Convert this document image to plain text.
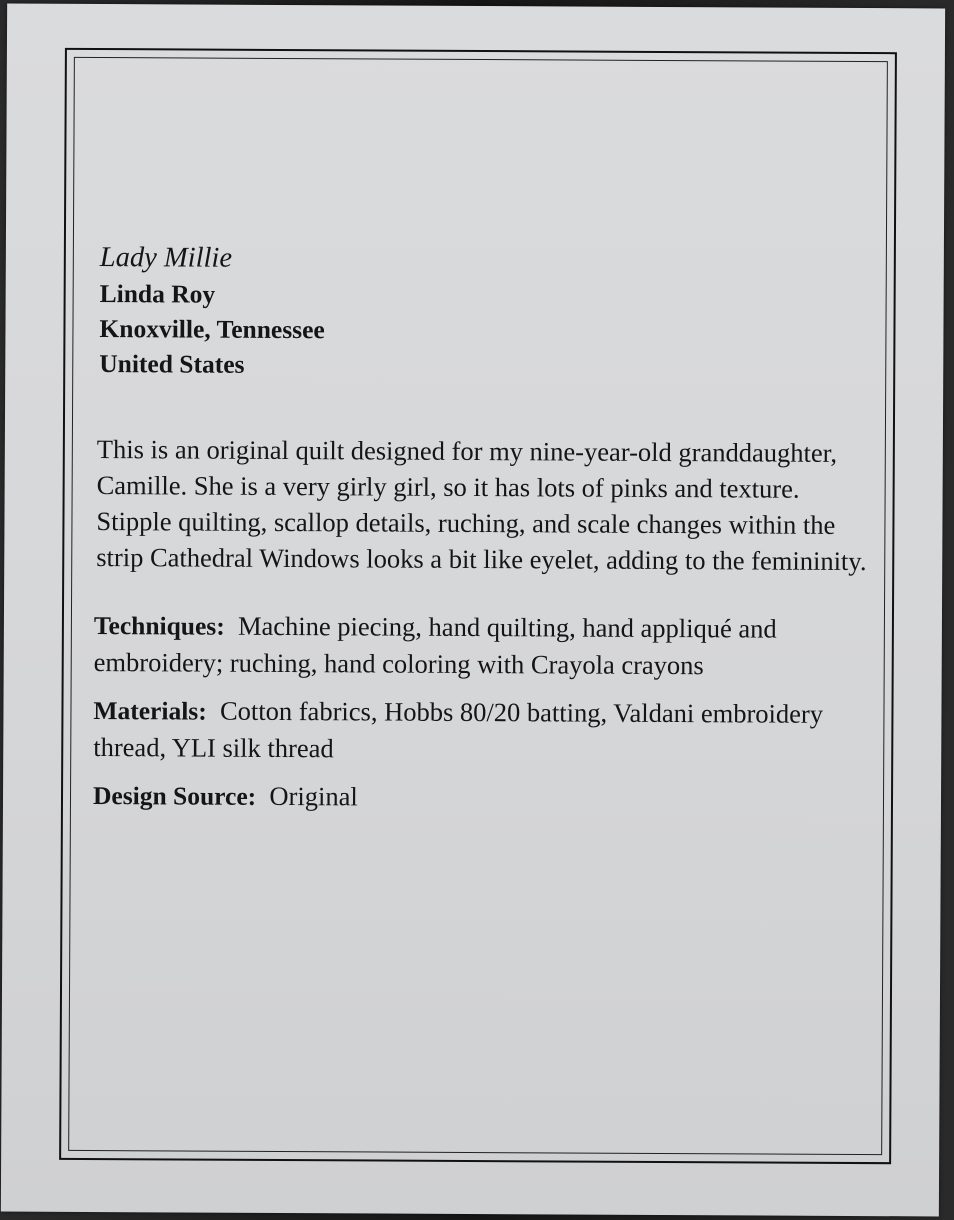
Lady Millie

Linda Roy

Knoxville, Tennessee

United States

This is an original quilt designed for my nine-year-old granddaughter, Camille. She is a very girly girl, so it has lots of pinks and texture. Stipple quilting, scallop details, ruching, and scale changes within the strip Cathedral Windows looks a bit like eyelet, adding to the femininity.

Techniques: Machine piecing, hand quilting, hand appliqué and embroidery; ruching, hand coloring with Crayola crayons

Materials: Cotton fabrics, Hobbs 80/20 batting, Valdani embroidery thread, YLI silk thread

Design Source: Original
